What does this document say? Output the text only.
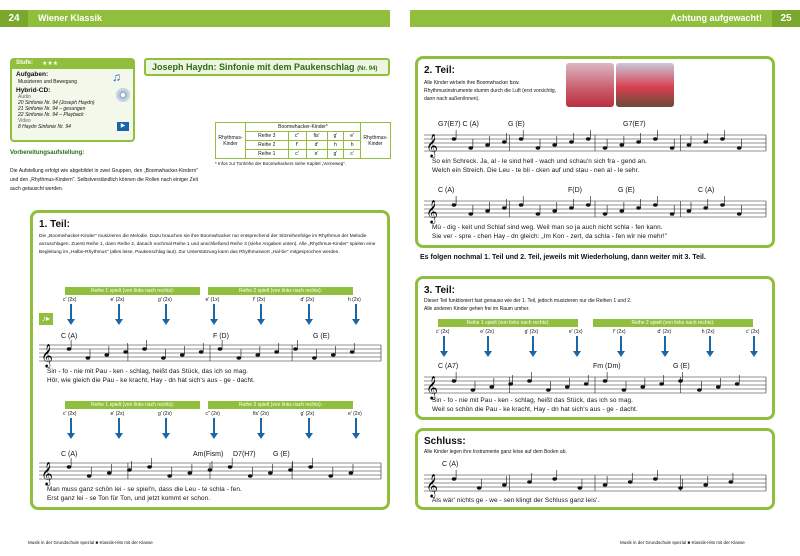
24	Wiener Klassik	Achtung aufgewacht!	25
Stufe: ★★★
Aufgaben:
Musizieren und Bewegung
Hybrid-CD:
Audio
20 Sinfonie Nr. 94 (Joseph Haydn)
21 Sinfonie Nr. 94 – gesungen
22 Sinfonie Nr. 94 – Playback
Video
8 Haydn Sinfonie Nr. 94
♫
▶
Joseph Haydn: Sinfonie mit dem Paukenschlag (Nr. 94)
Vorbereitungsaufstellung:
Die Aufstellung erfolgt wie abgebildet in zwei Gruppen, den „Boomwhacker-Kindern" und den „Rhythmus-Kindern". Selbstverständlich können die Rollen nach einiger Zeit auch getauscht werden.
Rhythmus-Kinder	Boomwhacker-Kinder*					Rhythmus-Kinder
	Reihe 3	c''	fis'	g'	e'	
	Reihe 2	f'	d'	h	h	
	Reihe 1	c'	e'	g'	c'	
* Infos zur Tonhöhe der Boomwhackers siehe Kapitel „Vorneweg".
1. Teil:
Die „Boomwhacker-Kinder" musizieren die Melodie. Dazu brauchen sie ihre Boomwhacker nur entsprechend der Sitzreihenfolge im Rhythmus der Melodie anzuschlagen. Zuerst Reihe 1, dann Reihe 2, danach nochmal Reihe 1 und anschließend Reihe 3 (siehe Angaben unten). Alle „Rhythmus-Kinder" spielen eine Begleitung im „Halbe-Rhythmus" (alles leise, Paukenschlag laut). Zur Unterstützung kann das Rhythmuswort „Hal-be" mitgesprochen werden.
Reihe 1 spielt (von links nach rechts):	Reihe 2 spielt (von links nach rechts):
♪▸
C (A)	F (D)	G (E)
𝄞
Sin - fo - nie mit Pau - ken - schlag, heißt das Stück, das ich so mag.
Hör, wie gleich die Pau - ke kracht, Hay - dn hat sich's aus - ge - dacht.
Reihe 1 spielt (von links nach rechts):	Reihe 3 spielt (von links nach rechts):
C (A)	Am(Fism) D7(H7) G (E)
𝄞
Man muss ganz schön lei - se spiel'n, dass die Leu - te schla - fen.
Erst ganz lei - se Ton für Ton, und jetzt kommt er schon.
c' (2x)	e' (2x)	g' (2x)	e' (1x)	f' (2x)	d' (2x)	h (2x)
c' (2x)	e' (2x)	g' (2x)	c'' (2x)	fis' (2x)	g' (2x)	e' (2x)
2. Teil:
Alle Kinder wirbeln ihre Boomwhacker bzw. Rhythmusinstrumente stumm durch die Luft (erst vorsichtig, dann nach außen/innen).
G7(E7) C (A)	G (E)	G7(E7)
𝄞
So ein Schreck. Ja, al - le sind hell - wach und schau'n sich fra - gend an.
Welch ein Streich. Die Leu - te bli - cken auf und stau - nen al - le sehr.
C (A)	F(D)	G (E)	C (A)
𝄞
Mü - dig - keit und Schlaf sind weg. Weil man so ja auch nicht schla - fen kann.
Sie ver - spre - chen Hay - dn gleich: „Im Kon - zert, da schla - fen wir nie mehr!"
Es folgen nochmal 1. Teil und 2. Teil, jeweils mit Wiederholung, dann weiter mit 3. Teil.
3. Teil:
Dieser Teil funktioniert fast genauso wie der 1. Teil, jedoch musizieren nur die Reihen 1 und 2.
Alle anderen Kinder gehen frei im Raum umher.
Reihe 1 spielt (von links nach rechts):	Reihe 2 spielt (von links nach rechts):
C (A7)	Fm (Dm)	G (E)
𝄞
Sin - fo - nie mit Pau - ken - schlag, heißt das Stück, das ich so mag.
Weil so schön die Pau - ke kracht, Hay - dn hat sich's aus - ge - dacht.
c' (2x)	e' (2x)	g' (2x)	e' (1x)	f' (2x)	d' (2x)	h (2x)	c' (2x)
Schluss:
Alle Kinder legen ihre Instrumente ganz leise auf dem Boden ab.
C (A)
𝄞
Als wär' nichts ge - we - sen klingt der Schluss ganz leis'.
Musik in der Grundschule spezial ■ Klassik-Hits mit der Klasse	Musik in der Grundschule spezial ■ Klassik-Hits mit der Klasse
